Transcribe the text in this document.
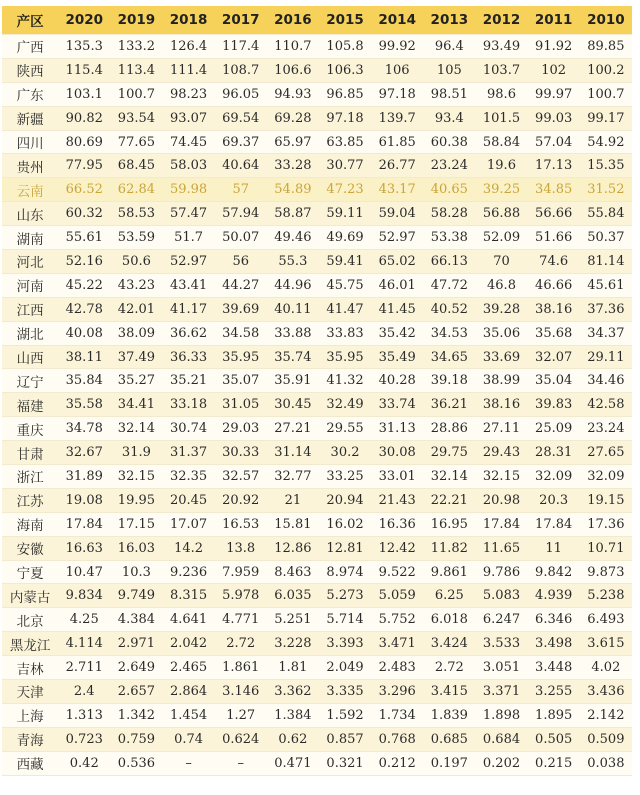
产区	2020	2019	2018	2017	2016	2015	2014	2013	2012	2011	2010
广西	135.3	133.2	126.4	117.4	110.7	105.8	99.92	96.4	93.49	91.92	89.85
陕西	115.4	113.4	111.4	108.7	106.6	106.3	106	105	103.7	102	100.2
广东	103.1	100.7	98.23	96.05	94.93	96.85	97.18	98.51	98.6	99.97	100.7
新疆	90.82	93.54	93.07	69.54	69.28	97.18	139.7	93.4	101.5	99.03	99.17
四川	80.69	77.65	74.45	69.37	65.97	63.85	61.85	60.38	58.84	57.04	54.92
贵州	77.95	68.45	58.03	40.64	33.28	30.77	26.77	23.24	19.6	17.13	15.35
云南	66.52	62.84	59.98	57	54.89	47.23	43.17	40.65	39.25	34.85	31.52
山东	60.32	58.53	57.47	57.94	58.87	59.11	59.04	58.28	56.88	56.66	55.84
湖南	55.61	53.59	51.7	50.07	49.46	49.69	52.97	53.38	52.09	51.66	50.37
河北	52.16	50.6	52.97	56	55.3	59.41	65.02	66.13	70	74.6	81.14
河南	45.22	43.23	43.41	44.27	44.96	45.75	46.01	47.72	46.8	46.66	45.61
江西	42.78	42.01	41.17	39.69	40.11	41.47	41.45	40.52	39.28	38.16	37.36
湖北	40.08	38.09	36.62	34.58	33.88	33.83	35.42	34.53	35.06	35.68	34.37
山西	38.11	37.49	36.33	35.95	35.74	35.95	35.49	34.65	33.69	32.07	29.11
辽宁	35.84	35.27	35.21	35.07	35.91	41.32	40.28	39.18	38.99	35.04	34.46
福建	35.58	34.41	33.18	31.05	30.45	32.49	33.74	36.21	38.16	39.83	42.58
重庆	34.78	32.14	30.74	29.03	27.21	29.55	31.13	28.86	27.11	25.09	23.24
甘肃	32.67	31.9	31.37	30.33	31.14	30.2	30.08	29.75	29.43	28.31	27.65
浙江	31.89	32.15	32.35	32.57	32.77	33.25	33.01	32.14	32.15	32.09	32.09
江苏	19.08	19.95	20.45	20.92	21	20.94	21.43	22.21	20.98	20.3	19.15
海南	17.84	17.15	17.07	16.53	15.81	16.02	16.36	16.95	17.84	17.84	17.36
安徽	16.63	16.03	14.2	13.8	12.86	12.81	12.42	11.82	11.65	11	10.71
宁夏	10.47	10.3	9.236	7.959	8.463	8.974	9.522	9.861	9.786	9.842	9.873
内蒙古	9.834	9.749	8.315	5.978	6.035	5.273	5.059	6.25	5.083	4.939	5.238
北京	4.25	4.384	4.641	4.771	5.251	5.714	5.752	6.018	6.247	6.346	6.493
黑龙江	4.114	2.971	2.042	2.72	3.228	3.393	3.471	3.424	3.533	3.498	3.615
吉林	2.711	2.649	2.465	1.861	1.81	2.049	2.483	2.72	3.051	3.448	4.02
天津	2.4	2.657	2.864	3.146	3.362	3.335	3.296	3.415	3.371	3.255	3.436
上海	1.313	1.342	1.454	1.27	1.384	1.592	1.734	1.839	1.898	1.895	2.142
青海	0.723	0.759	0.74	0.624	0.62	0.857	0.768	0.685	0.684	0.505	0.509
西藏	0.42	0.536	–	–	0.471	0.321	0.212	0.197	0.202	0.215	0.038
